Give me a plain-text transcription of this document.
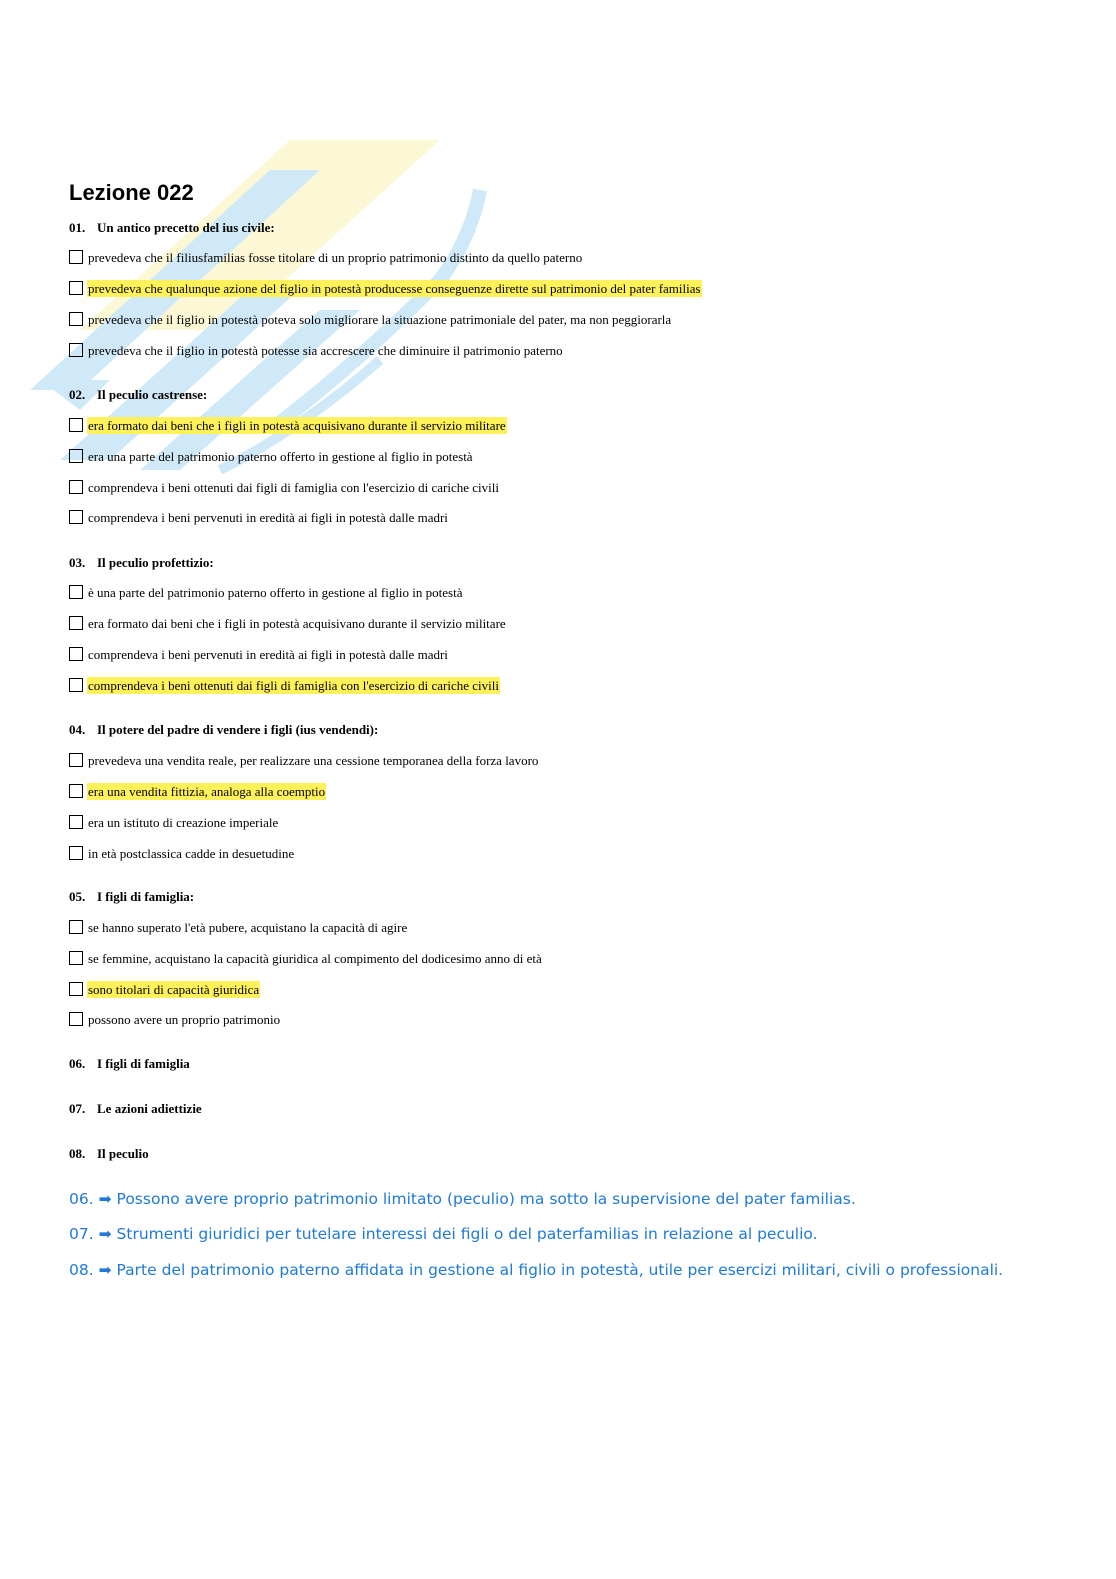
Lezione 022
01. Un antico precetto del ius civile:
prevedeva che il filiusfamilias fosse titolare di un proprio patrimonio distinto da quello paterno
prevedeva che qualunque azione del figlio in potestà producesse conseguenze dirette sul patrimonio del pater familias
prevedeva che il figlio in potestà poteva solo migliorare la situazione patrimoniale del pater, ma non peggiorarla
prevedeva che il figlio in potestà potesse sia accrescere che diminuire il patrimonio paterno
02. Il peculio castrense:
era formato dai beni che i figli in potestà acquisivano durante il servizio militare
era una parte del patrimonio paterno offerto in gestione al figlio in potestà
comprendeva i beni ottenuti dai figli di famiglia con l'esercizio di cariche civili
comprendeva i beni pervenuti in eredità ai figli in potestà dalle madri
03. Il peculio profettizio:
è una parte del patrimonio paterno offerto in gestione al figlio in potestà
era formato dai beni che i figli in potestà acquisivano durante il servizio militare
comprendeva i beni pervenuti in eredità ai figli in potestà dalle madri
comprendeva i beni ottenuti dai figli di famiglia con l'esercizio di cariche civili
04. Il potere del padre di vendere i figli (ius vendendi):
prevedeva una vendita reale, per realizzare una cessione temporanea della forza lavoro
era una vendita fittizia, analoga alla coemptio
era un istituto di creazione imperiale
in età postclassica cadde in desuetudine
05. I figli di famiglia:
se hanno superato l'età pubere, acquistano la capacità di agire
se femmine, acquistano la capacità giuridica al compimento del dodicesimo anno di età
sono titolari di capacità giuridica
possono avere un proprio patrimonio
06. I figli di famiglia
07. Le azioni adiettizie
08. Il peculio
06. ➡ Possono avere proprio patrimonio limitato (peculio) ma sotto la supervisione del pater familias.
07. ➡ Strumenti giuridici per tutelare interessi dei figli o del paterfamilias in relazione al peculio.
08. ➡ Parte del patrimonio paterno affidata in gestione al figlio in potestà, utile per esercizi militari, civili o professionali.
